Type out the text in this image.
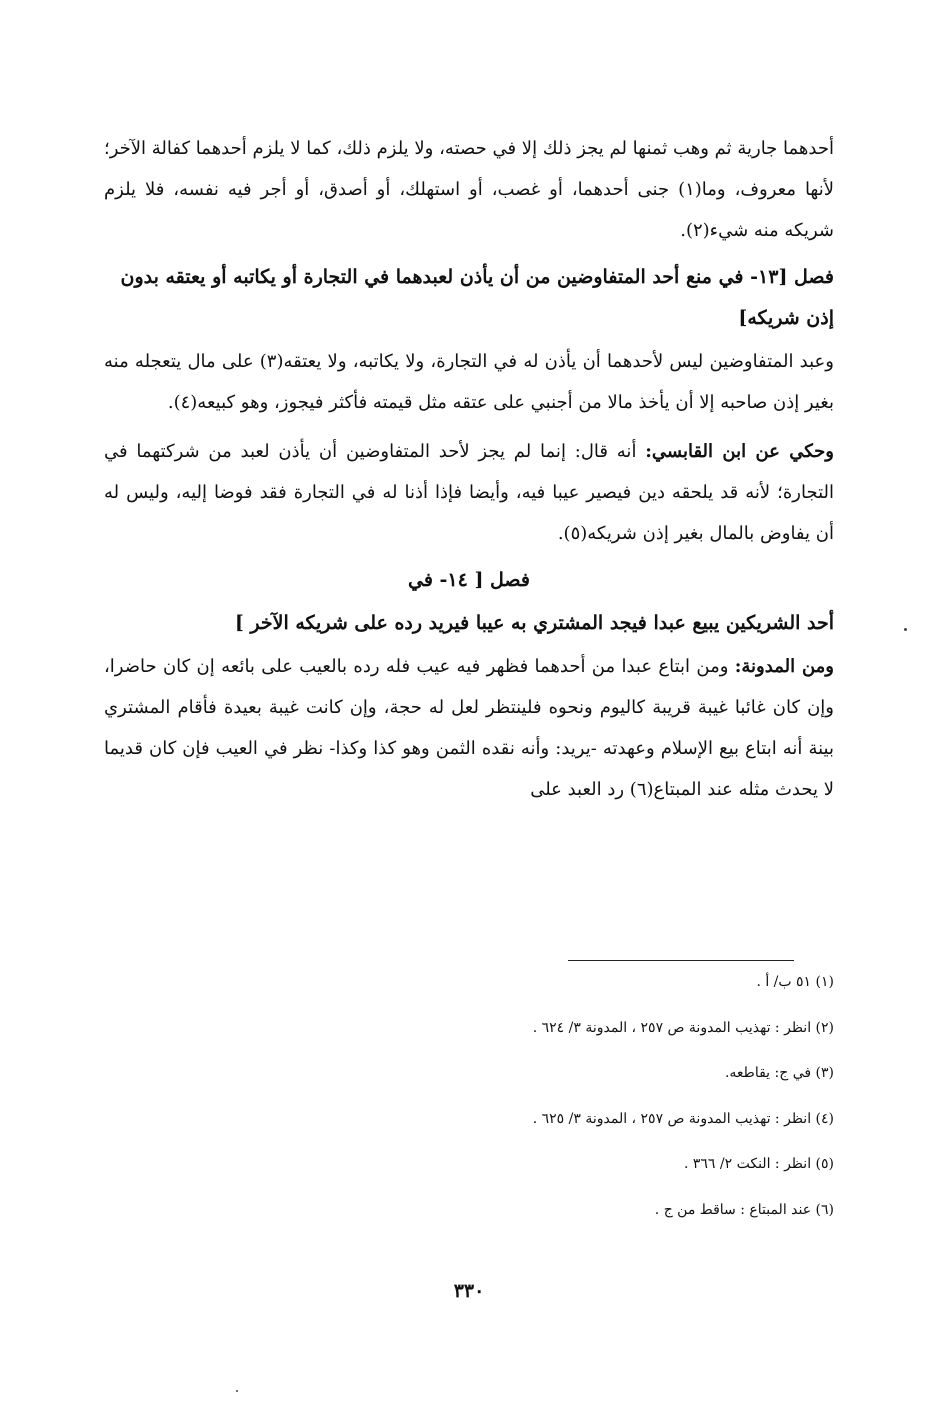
أحدهما جارية ثم وهب ثمنها لم يجز ذلك إلا في حصته، ولا يلزم ذلك، كما لا يلزم أحدهما كفالة الآخر؛ لأنها معروف، وما(١) جنى أحدهما، أو غصب، أو استهلك، أو أصدق، أو أجر فيه نفسه، فلا يلزم شريكه منه شيء(٢).

فصل [١٣- في منع أحد المتفاوضين من أن يأذن لعبدهما في التجارة أو يكاتبه أو يعتقه بدون إذن شريكه]

وعبد المتفاوضين ليس لأحدهما أن يأذن له في التجارة، ولا يكاتبه، ولا يعتقه(٣) على مال يتعجله منه بغير إذن صاحبه إلا أن يأخذ مالا من أجنبي على عتقه مثل قيمته فأكثر فيجوز، وهو كبيعه(٤).

وحكي عن ابن القابسي: أنه قال: إنما لم يجز لأحد المتفاوضين أن يأذن لعبد من شركتهما في التجارة؛ لأنه قد يلحقه دين فيصير عيبا فيه، وأيضا فإذا أذنا له في التجارة فقد فوضا إليه، وليس له أن يفاوض بالمال بغير إذن شريكه(٥).

فصل [ ١٤- في
أحد الشريكين يبيع عبدا فيجد المشتري به عيبا فيريد رده على شريكه الآخر ]

ومن المدونة: ومن ابتاع عبدا من أحدهما فظهر فيه عيب فله رده بالعيب على بائعه إن كان حاضرا، وإن كان غائبا غيبة قريبة كاليوم ونحوه فلينتظر لعل له حجة، وإن كانت غيبة بعيدة فأقام المشتري بينة أنه ابتاع بيع الإسلام وعهدته -يريد: وأنه نقده الثمن وهو كذا وكذا- نظر في العيب فإن كان قديما لا يحدث مثله عند المبتاع(٦) رد العبد على

(١) ٥١ ب/ أ .

(٢) انظر : تهذيب المدونة ص ٢٥٧ ، المدونة ٣/ ٦٢٤ .

(٣) في ج: يقاطعه.

(٤) انظر : تهذيب المدونة ص ٢٥٧ ، المدونة ٣/ ٦٢٥ .

(٥) انظر : النكت ٢/ ٣٦٦ .

(٦) عند المبتاع : ساقط من ج .

٣٣٠
